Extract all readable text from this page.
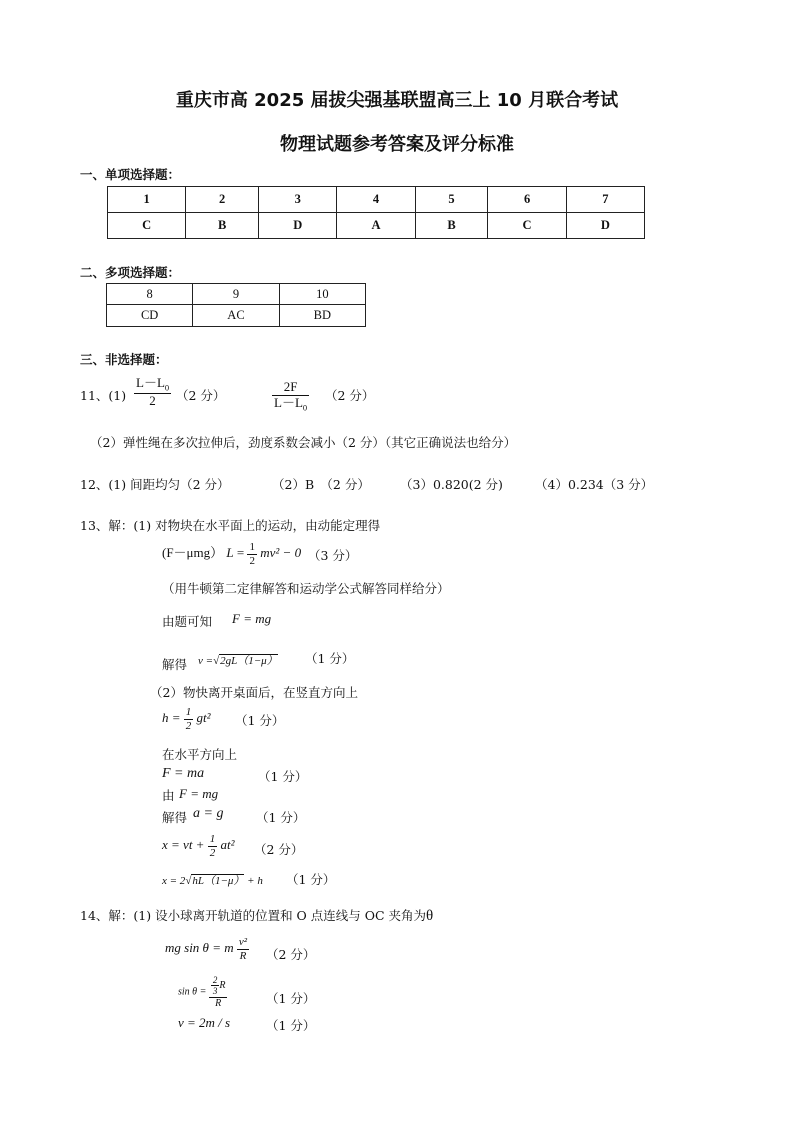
重庆市高 2025 届拔尖强基联盟高三上 10 月联合考试
物理试题参考答案及评分标准
一、单项选择题：
1	2	3	4	5	6	7
C	B	D	A	B	C	D
二、多项选择题：
8	9	10
CD	AC	BD
三、非选择题：
11、$(1) \frac{L-L_0}{2} (2$ 分）	$\frac{2F}{L-L_0} (2$ 分）
（2）弹性绳在多次拉伸后，劲度系数会减小（2 分）（其它正确说法也给分）
12、(1) 间距均匀（2 分）	（2）B　（2 分） （3）0.820(2 分)	（4）0.234（3 分）
13、解：(1) 对物块在水平面上的运动，由动能定理得
(F－μmg） $L = \frac{1}{2} mv^2 - 0$ （3 分）
（用牛顿第二定律解答和运动学公式解答同样给分）
由题可知 F = mg
解得 v =√2gL（1−μ） （1 分）
（2）物快离开桌面后，在竖直方向上
$h = \frac{1}{2} gt^2$ （1 分）
在水平方向上
F = ma	（1 分）
由 F = mg
解得 a = g	（1 分）
x = vt + $\frac{1}{2} at^2$ （2 分）
x = 2√hL（1−μ） + h （1 分）
14、解：(1) 设小球离开轨道的位置和 O 点连线与 OC 夹角为θ
mg sin θ = m $\frac{\text{v²}}{R} (2$ 分）
$\sin \theta = \frac{\frac{2}{3} R}{R}$	（1 分）
v = 2m / s	（1 分）
